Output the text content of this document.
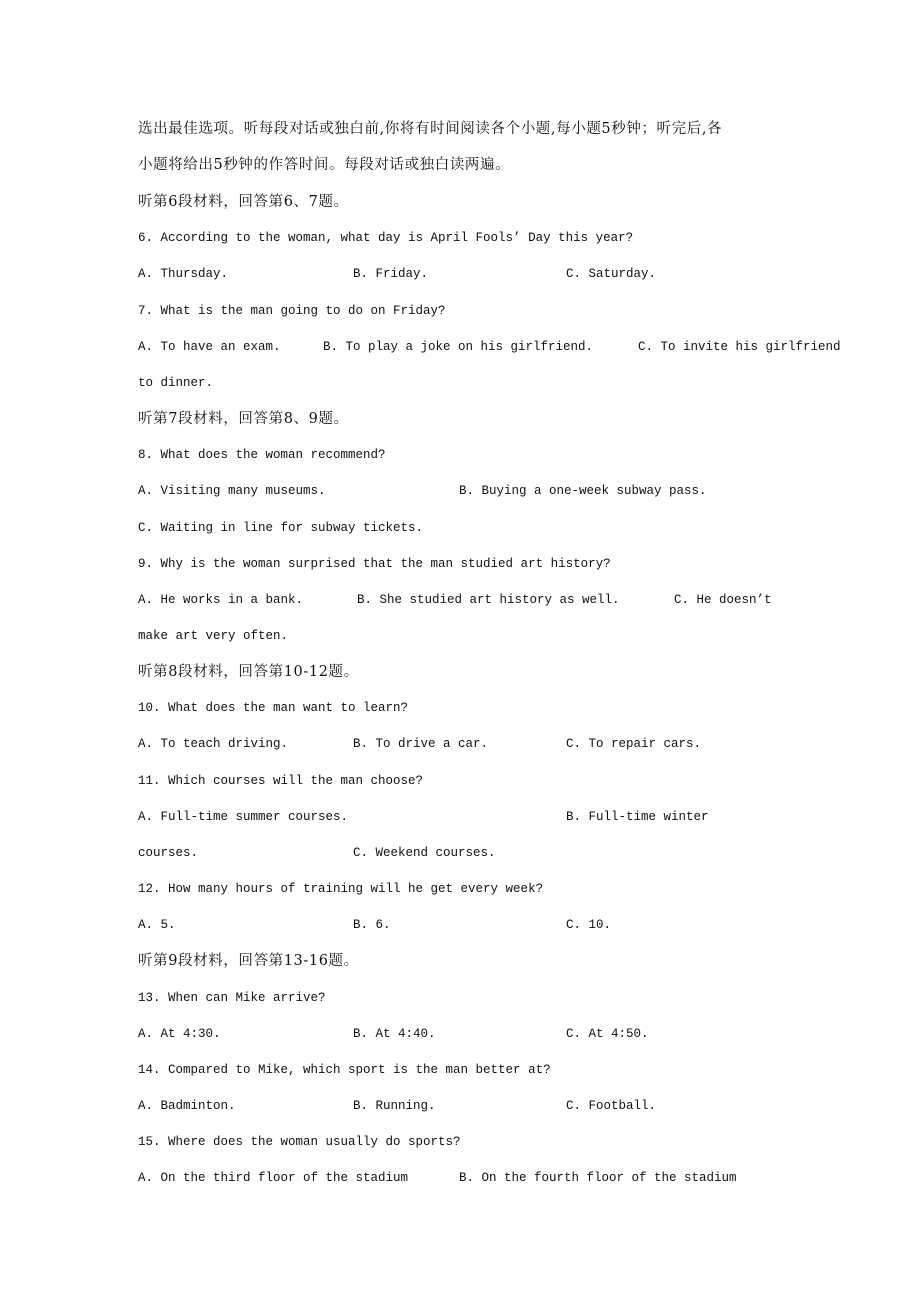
选出最佳选项。听每段对话或独白前,你将有时间阅读各个小题,每小题5秒钟；听完后,各
小题将给出5秒钟的作答时间。每段对话或独白读两遍。
听第6段材料，回答第6、7题。
6. According to the woman, what day is April Fools’ Day this year?
A. Thursday.	B. Friday.	C. Saturday.
7. What is the man going to do on Friday?
A. To have an exam.	B. To play a joke on his girlfriend.	C. To invite his girlfriend
to dinner.
听第7段材料，回答第8、9题。
8. What does the woman recommend?
A. Visiting many museums.	B. Buying a one-week subway pass.
C. Waiting in line for subway tickets.
9. Why is the woman surprised that the man studied art history?
A. He works in a bank.	B. She studied art history as well.	C. He doesn’t
make art very often.
听第8段材料，回答第10-12题。
10. What does the man want to learn?
A. To teach driving.	B. To drive a car.	C. To repair cars.
11. Which courses will the man choose?
A. Full-time summer courses.	B. Full-time winter
courses.	C. Weekend courses.
12. How many hours of training will he get every week?
A. 5.	B. 6.	C. 10.
听第9段材料，回答第13-16题。
13. When can Mike arrive?
A. At 4:30.	B. At 4:40.	C. At 4:50.
14. Compared to Mike, which sport is the man better at?
A. Badminton.	B. Running.	C. Football.
15. Where does the woman usually do sports?
A. On the third floor of the stadium	B. On the fourth floor of the stadium
